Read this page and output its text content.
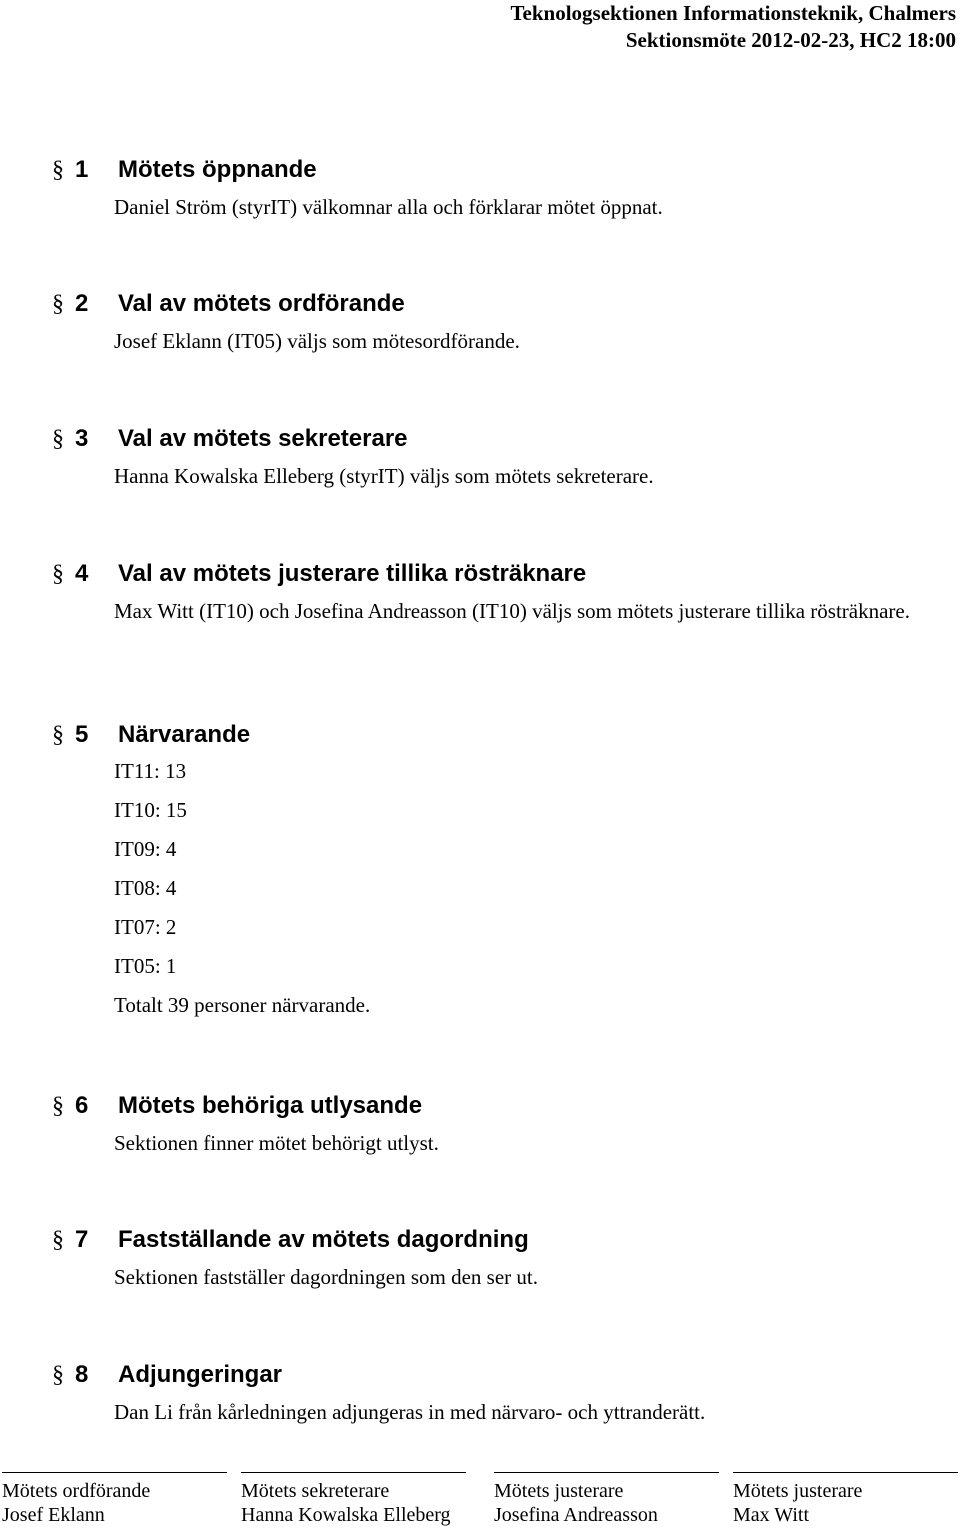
Teknologsektionen Informationsteknik, Chalmers
Sektionsmöte 2012-02-23, HC2 18:00
§ 1 Mötets öppnande

Daniel Ström (styrIT) välkomnar alla och förklarar mötet öppnat.

§ 2 Val av mötets ordförande

Josef Eklann (IT05) väljs som mötesordförande.

§ 3 Val av mötets sekreterare

Hanna Kowalska Elleberg (styrIT) väljs som mötets sekreterare.

§ 4 Val av mötets justerare tillika rösträknare

Max Witt (IT10) och Josefina Andreasson (IT10) väljs som mötets justerare tillika rösträknare.

§ 5 Närvarande

IT11: 13

IT10: 15

IT09: 4

IT08: 4

IT07: 2

IT05: 1

Totalt 39 personer närvarande.

§ 6 Mötets behöriga utlysande

Sektionen finner mötet behörigt utlyst.

§ 7 Fastställande av mötets dagordning

Sektionen fastställer dagordningen som den ser ut.

§ 8 Adjungeringar

Dan Li från kårledningen adjungeras in med närvaro- och yttranderätt.

Mötets ordförande
Josef Eklann
Mötets sekreterare
Hanna Kowalska Elleberg
Mötets justerare
Josefina Andreasson
Mötets justerare
Max Witt
